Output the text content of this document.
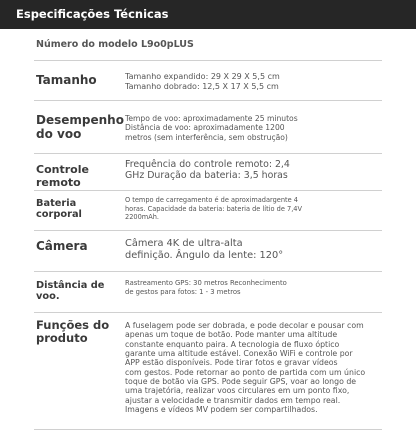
Especificações Técnicas
Número do modelo L9o0pLUS
Tamanho	Tamanho expandido: 29 X 29 X 5,5 cm
Tamanho dobrado: 12,5 X 17 X 5,5 cm
Desempenho do voo
Tempo de voo: aproximadamente 25 minutos
Distância de voo: aproximadamente 1200
metros (sem interferência, sem obstrução)
Controle remoto
Frequência do controle remoto: 2,4
GHz Duração da bateria: 3,5 horas
Bateria corporal
O tempo de carregamento é de aproximadargente 4
horas. Capacidade da bateria: bateria de lítio de 7,4V
2200mAh.
Câmera	Câmera 4K de ultra-alta
definição. Ângulo da lente: 120°
Distância de voo.
Rastreamento GPS: 30 metros Reconhecimento
de gestos para fotos: 1 - 3 metros
Funções do produto
A fuselagem pode ser dobrada, e pode decolar e pousar com
apenas um toque de botão. Pode manter uma altitude
constante enquanto paira. A tecnologia de fluxo óptico
garante uma altitude estável. Conexão WiFi e controle por
APP estão disponíveis. Pode tirar fotos e gravar vídeos
com gestos. Pode retornar ao ponto de partida com um único
toque de botão via GPS. Pode seguir GPS, voar ao longo de
uma trajetória, realizar voos circulares em um ponto fixo,
ajustar a velocidade e transmitir dados em tempo real.
Imagens e vídeos MV podem ser compartilhados.
